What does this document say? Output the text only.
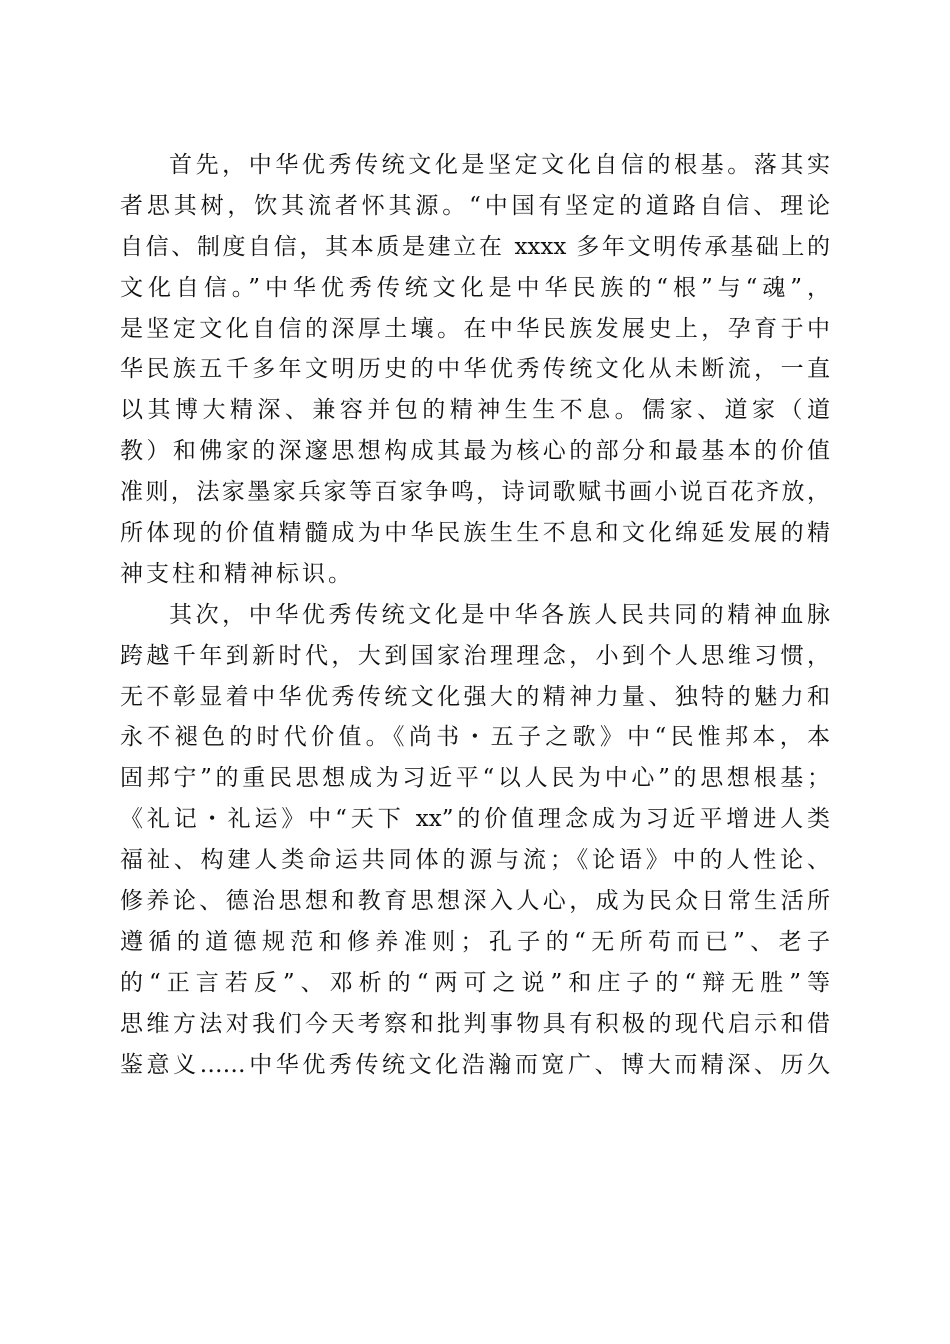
首先，中华优秀传统文化是坚定文化自信的根基。落其实
者思其树，饮其流者怀其源。“中国有坚定的道路自信、理论
自信、制度自信，其本质是建立在 xxxx 多年文明传承基础上的
文化自信。”中华优秀传统文化是中华民族的“根”与“魂”，
是坚定文化自信的深厚土壤。在中华民族发展史上，孕育于中
华民族五千多年文明历史的中华优秀传统文化从未断流，一直
以其博大精深、兼容并包的精神生生不息。儒家、道家（道
教）和佛家的深邃思想构成其最为核心的部分和最基本的价值
准则，法家墨家兵家等百家争鸣，诗词歌赋书画小说百花齐放，
所体现的价值精髓成为中华民族生生不息和文化绵延发展的精
神支柱和精神标识。
其次，中华优秀传统文化是中华各族人民共同的精神血脉
跨越千年到新时代，大到国家治理理念，小到个人思维习惯，
无不彰显着中华优秀传统文化强大的精神力量、独特的魅力和
永不褪色的时代价值。《尚书・五子之歌》中“民惟邦本，本
固邦宁”的重民思想成为习近平“以人民为中心”的思想根基；
《礼记・礼运》中“天下 xx”的价值理念成为习近平增进人类
福祉、构建人类命运共同体的源与流；《论语》中的人性论、
修养论、德治思想和教育思想深入人心，成为民众日常生活所
遵循的道德规范和修养准则；孔子的“无所苟而已”、老子
的“正言若反”、邓析的“两可之说”和庄子的“辩无胜”等
思维方法对我们今天考察和批判事物具有积极的现代启示和借
鉴意义……中华优秀传统文化浩瀚而宽广、博大而精深、历久
